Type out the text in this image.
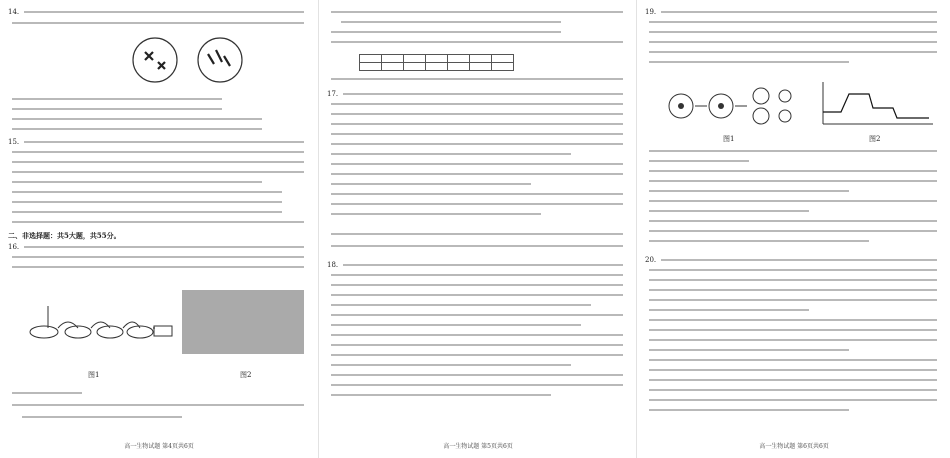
14.
15.
二、非选择题：共5大题，共55分。
16.
图1	图2
高一生物试题 第4页共6页

17.
18.
高一生物试题 第5页共6页
19.
图1	图2
20.
高一生物试题 第6页共6页
